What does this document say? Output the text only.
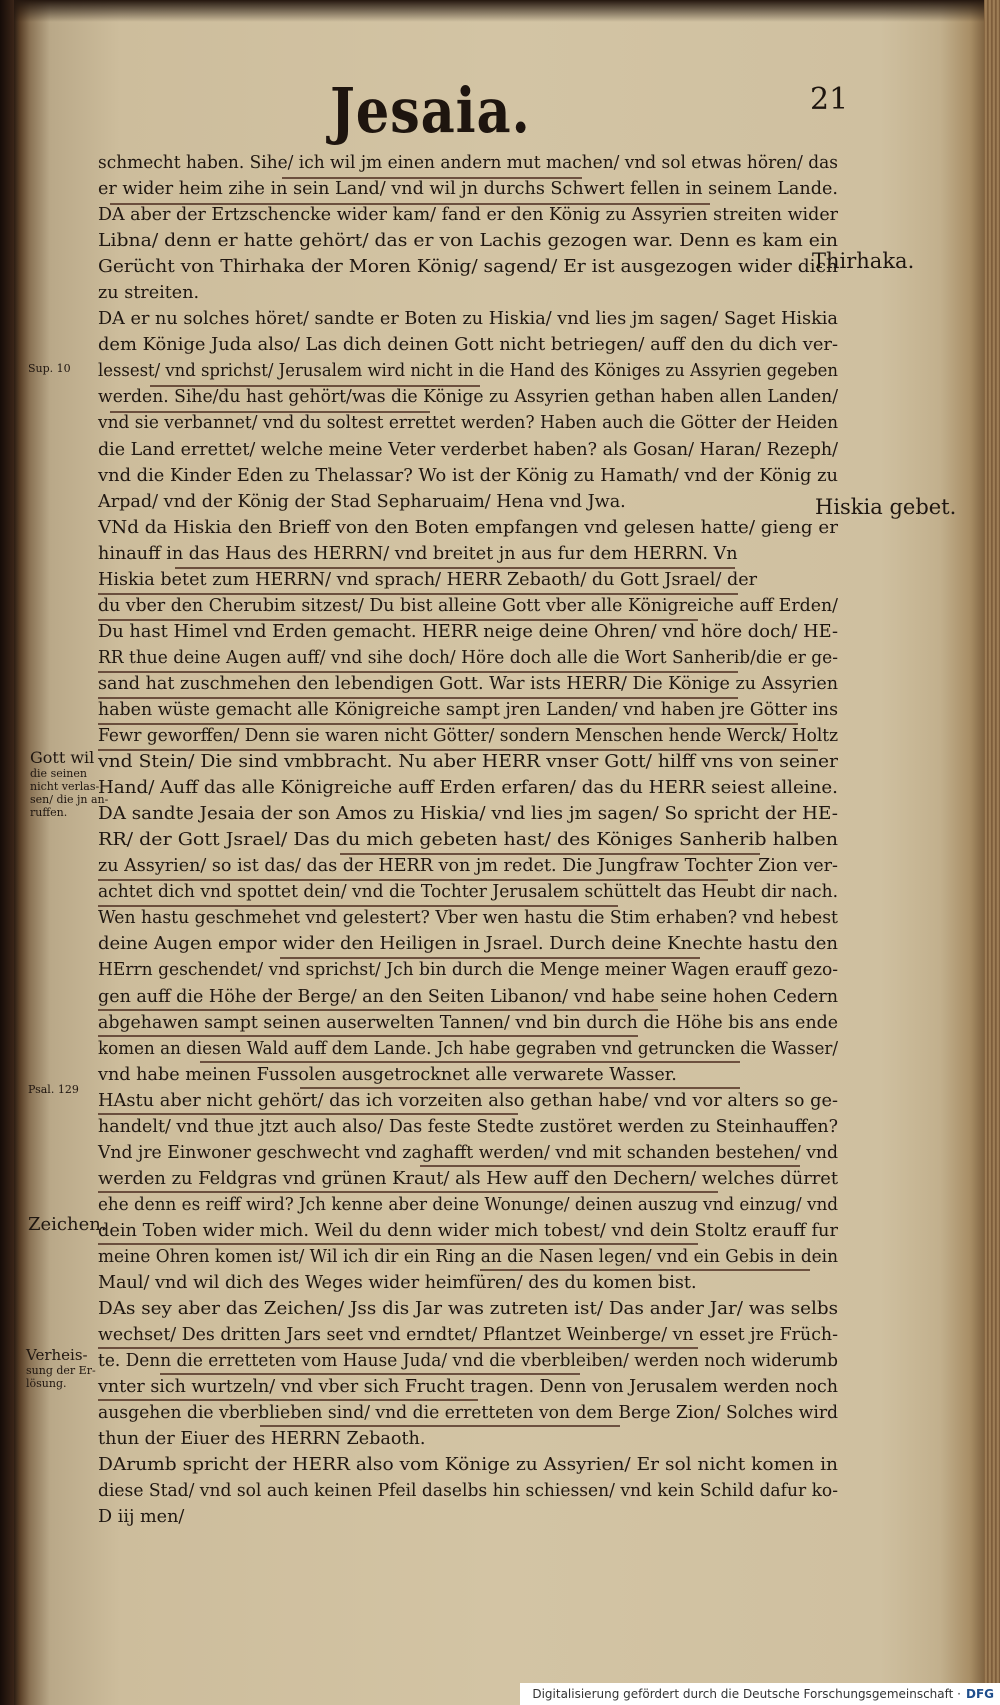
Jesaia.	21
schmecht haben. Sihe/ ich wil jm einen andern mut machen/ vnd sol etwas hören/ das
er wider heim zihe in sein Land/ vnd wil jn durchs Schwert fellen in seinem Lande.
DA aber der Ertzschencke wider kam/ fand er den König zu Assyrien streiten wider
Libna/ denn er hatte gehört/ das er von Lachis gezogen war. Denn es kam ein
Gerücht von Thirhaka der Moren König/ sagend/ Er ist ausgezogen wider dich
zu streiten.
DA er nu solches höret/ sandte er Boten zu Hiskia/ vnd lies jm sagen/ Saget Hiskia
dem Könige Juda also/ Las dich deinen Gott nicht betriegen/ auff den du dich ver-
lessest/ vnd sprichst/ Jerusalem wird nicht in die Hand des Königes zu Assyrien gegeben
werden. Sihe/du hast gehört/was die Könige zu Assyrien gethan haben allen Landen/
vnd sie verbannet/ vnd du soltest errettet werden? Haben auch die Götter der Heiden
die Land errettet/ welche meine Veter verderbet haben? als Gosan/ Haran/ Rezeph/
vnd die Kinder Eden zu Thelassar? Wo ist der König zu Hamath/ vnd der König zu
Arpad/ vnd der König der Stad Sepharuaim/ Hena vnd Jwa.
VNd da Hiskia den Brieff von den Boten empfangen vnd gelesen hatte/ gieng er
hinauff in das Haus des HERRN/ vnd breitet jn aus fur dem HERRN. Vn
Hiskia betet zum HERRN/ vnd sprach/ HERR Zebaoth/ du Gott Jsrael/ der
du vber den Cherubim sitzest/ Du bist alleine Gott vber alle Königreiche auff Erden/
Du hast Himel vnd Erden gemacht. HERR neige deine Ohren/ vnd höre doch/ HE-
RR thue deine Augen auff/ vnd sihe doch/ Höre doch alle die Wort Sanherib/die er ge-
sand hat zuschmehen den lebendigen Gott. War ists HERR/ Die Könige zu Assyrien
haben wüste gemacht alle Königreiche sampt jren Landen/ vnd haben jre Götter ins
Fewr geworffen/ Denn sie waren nicht Götter/ sondern Menschen hende Werck/ Holtz
vnd Stein/ Die sind vmbbracht. Nu aber HERR vnser Gott/ hilff vns von seiner
Hand/ Auff das alle Königreiche auff Erden erfaren/ das du HERR seiest alleine.
DA sandte Jesaia der son Amos zu Hiskia/ vnd lies jm sagen/ So spricht der HE-
RR/ der Gott Jsrael/ Das du mich gebeten hast/ des Königes Sanherib halben
zu Assyrien/ so ist das/ das der HERR von jm redet. Die Jungfraw Tochter Zion ver-
achtet dich vnd spottet dein/ vnd die Tochter Jerusalem schüttelt das Heubt dir nach.
Wen hastu geschmehet vnd gelestert? Vber wen hastu die Stim erhaben? vnd hebest
deine Augen empor wider den Heiligen in Jsrael. Durch deine Knechte hastu den
HErrn geschendet/ vnd sprichst/ Jch bin durch die Menge meiner Wagen erauff gezo-
gen auff die Höhe der Berge/ an den Seiten Libanon/ vnd habe seine hohen Cedern
abgehawen sampt seinen auserwelten Tannen/ vnd bin durch die Höhe bis ans ende
komen an diesen Wald auff dem Lande. Jch habe gegraben vnd getruncken die Wasser/
vnd habe meinen Fussolen ausgetrocknet alle verwarete Wasser.
HAstu aber nicht gehört/ das ich vorzeiten also gethan habe/ vnd vor alters so ge-
handelt/ vnd thue jtzt auch also/ Das feste Stedte zustöret werden zu Steinhauffen?
Vnd jre Einwoner geschwecht vnd zaghafft werden/ vnd mit schanden bestehen/ vnd
werden zu Feldgras vnd grünen Kraut/ als Hew auff den Dechern/ welches dürret
ehe denn es reiff wird? Jch kenne aber deine Wonunge/ deinen auszug vnd einzug/ vnd
dein Toben wider mich. Weil du denn wider mich tobest/ vnd dein Stoltz erauff fur
meine Ohren komen ist/ Wil ich dir ein Ring an die Nasen legen/ vnd ein Gebis in dein
Maul/ vnd wil dich des Weges wider heimfüren/ des du komen bist.
DAs sey aber das Zeichen/ Jss dis Jar was zutreten ist/ Das ander Jar/ was selbs
wechset/ Des dritten Jars seet vnd erndtet/ Pflantzet Weinberge/ vn esset jre Früch-
te. Denn die erretteten vom Hause Juda/ vnd die vberbleiben/ werden noch widerumb
vnter sich wurtzeln/ vnd vber sich Frucht tragen. Denn von Jerusalem werden noch
ausgehen die vberblieben sind/ vnd die erretteten von dem Berge Zion/ Solches wird
thun der Eiuer des HERRN Zebaoth.
DArumb spricht der HERR also vom Könige zu Assyrien/ Er sol nicht komen in
diese Stad/ vnd sol auch keinen Pfeil daselbs hin schiessen/ vnd kein Schild dafur ko-
D iij men/
Thirhaka.
Sup. 10
Hiskia gebet.
Gott wil
die seinen
nicht verlas-
sen/ die jn an-
ruffen.
Psal. 129
Zeichen.
Verheis-
sung der Er-
lösung.
Digitalisierung gefördert durch die Deutsche Forschungsgemeinschaft · DFG
